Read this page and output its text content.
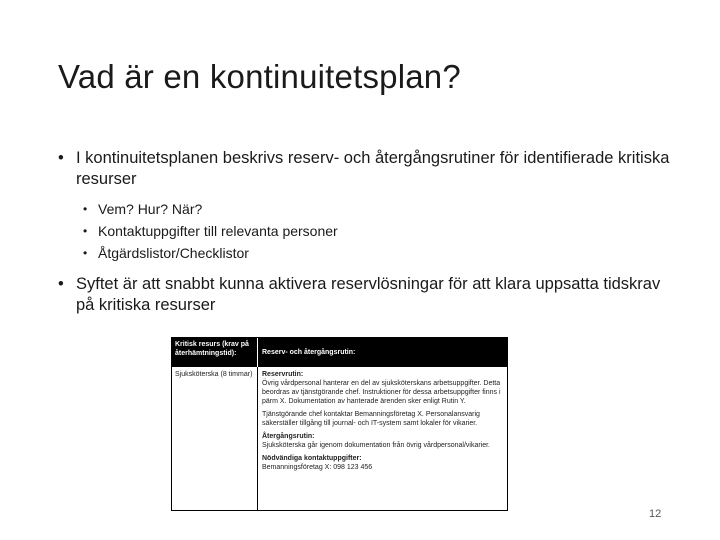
Vad är en kontinuitetsplan?
• I kontinuitetsplanen beskrivs reserv- och återgångsrutiner för identifierade kritiska resurser
• Vem? Hur? När?
• Kontaktuppgifter till relevanta personer
• Åtgärdslistor/Checklistor
• Syftet är att snabbt kunna aktivera reservlösningar för att klara uppsatta tidskrav på kritiska resurser
Kritisk resurs (krav på återhämtningstid):	Reserv- och återgångsrutin:
Sjuksköterska (8 timmar)	Reservrutin:
Övrig vårdpersonal hanterar en del av sjuksköterskans arbetsuppgifter. Detta beordras av tjänstgörande chef. Instruktioner för dessa arbetsuppgifter finns i pärm X. Dokumentation av hanterade ärenden sker enligt Rutin Y.
Tjänstgörande chef kontaktar Bemanningsföretag X. Personalansvarig säkerställer tillgång till journal- och IT-system samt lokaler för vikarier.
Återgångsrutin:
Sjuksköterska går igenom dokumentation från övrig vårdpersonal/vikarier.
Nödvändiga kontaktuppgifter:
Bemanningsföretag X: 098 123 456
12
